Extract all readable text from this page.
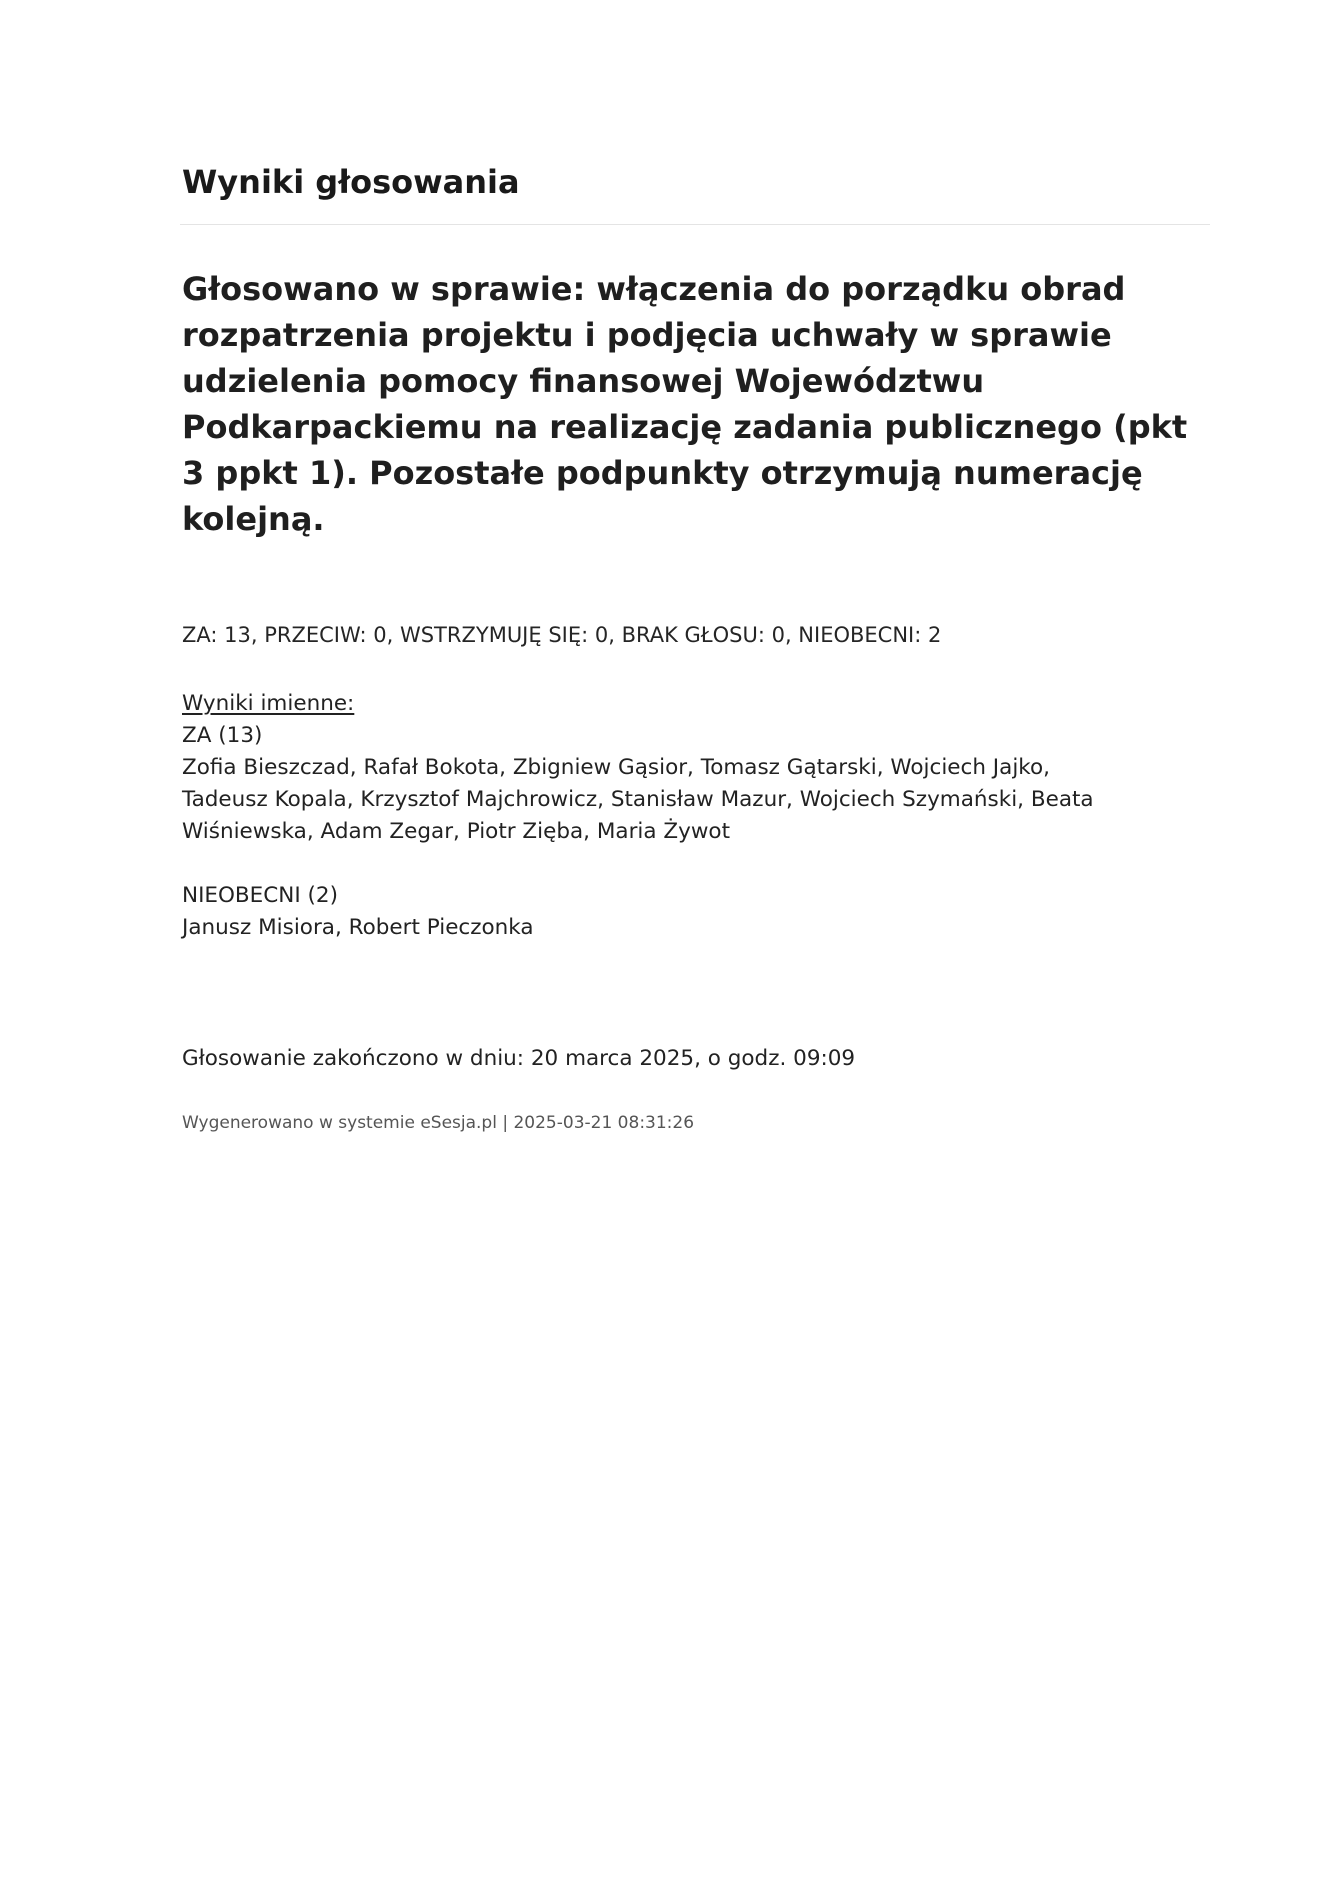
Wyniki głosowania
Głosowano w sprawie: włączenia do porządku obrad rozpatrzenia projektu i podjęcia uchwały w sprawie udzielenia pomocy finansowej Województwu Podkarpackiemu na realizację zadania publicznego (pkt 3 ppkt 1). Pozostałe podpunkty otrzymują numerację kolejną.
ZA: 13, PRZECIW: 0, WSTRZYMUJĘ SIĘ: 0, BRAK GŁOSU: 0, NIEOBECNI: 2
Wyniki imienne:
ZA (13)
Zofia Bieszczad, Rafał Bokota, Zbigniew Gąsior, Tomasz Gątarski, Wojciech Jajko, Tadeusz Kopala, Krzysztof Majchrowicz, Stanisław Mazur, Wojciech Szymański, Beata Wiśniewska, Adam Zegar, Piotr Zięba, Maria Żywot
NIEOBECNI (2)
Janusz Misiora, Robert Pieczonka
Głosowanie zakończono w dniu: 20 marca 2025, o godz. 09:09
Wygenerowano w systemie eSesja.pl | 2025-03-21 08:31:26
